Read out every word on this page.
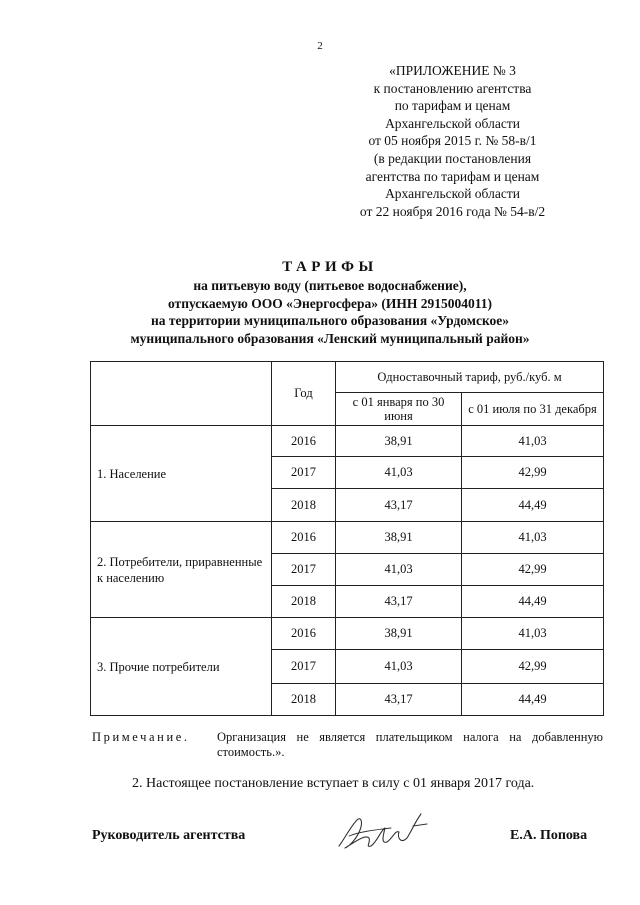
2
«ПРИЛОЖЕНИЕ № 3
к постановлению агентства
по тарифам и ценам
Архангельской области
от 05 ноября 2015 г. № 58-в/1
(в редакции постановления
агентства по тарифам и ценам
Архангельской области
от 22 ноября 2016 года № 54-в/2
ТАРИФЫ
на питьевую воду (питьевое водоснабжение),
отпускаемую ООО «Энергосфера» (ИНН 2915004011)
на территории муниципального образования «Урдомское»
муниципального образования «Ленский муниципальный район»
	Год	Одноставочный тариф, руб./куб. м	
		с 01 января по 30 июня	с 01 июля по 31 декабря
1. Население	2016	38,91	41,03
	2017	41,03	42,99
	2018	43,17	44,49
2. Потребители, приравненные к населению	2016	38,91	41,03
	2017	41,03	42,99
	2018	43,17	44,49
3. Прочие потребители	2016	38,91	41,03
	2017	41,03	42,99
	2018	43,17	44,49
Примечание. Организация не является плательщиком налога на добавленную стоимость.».
2. Настоящее постановление вступает в силу с 01 января 2017 года.
Руководитель агентства	Е.А. Попова
